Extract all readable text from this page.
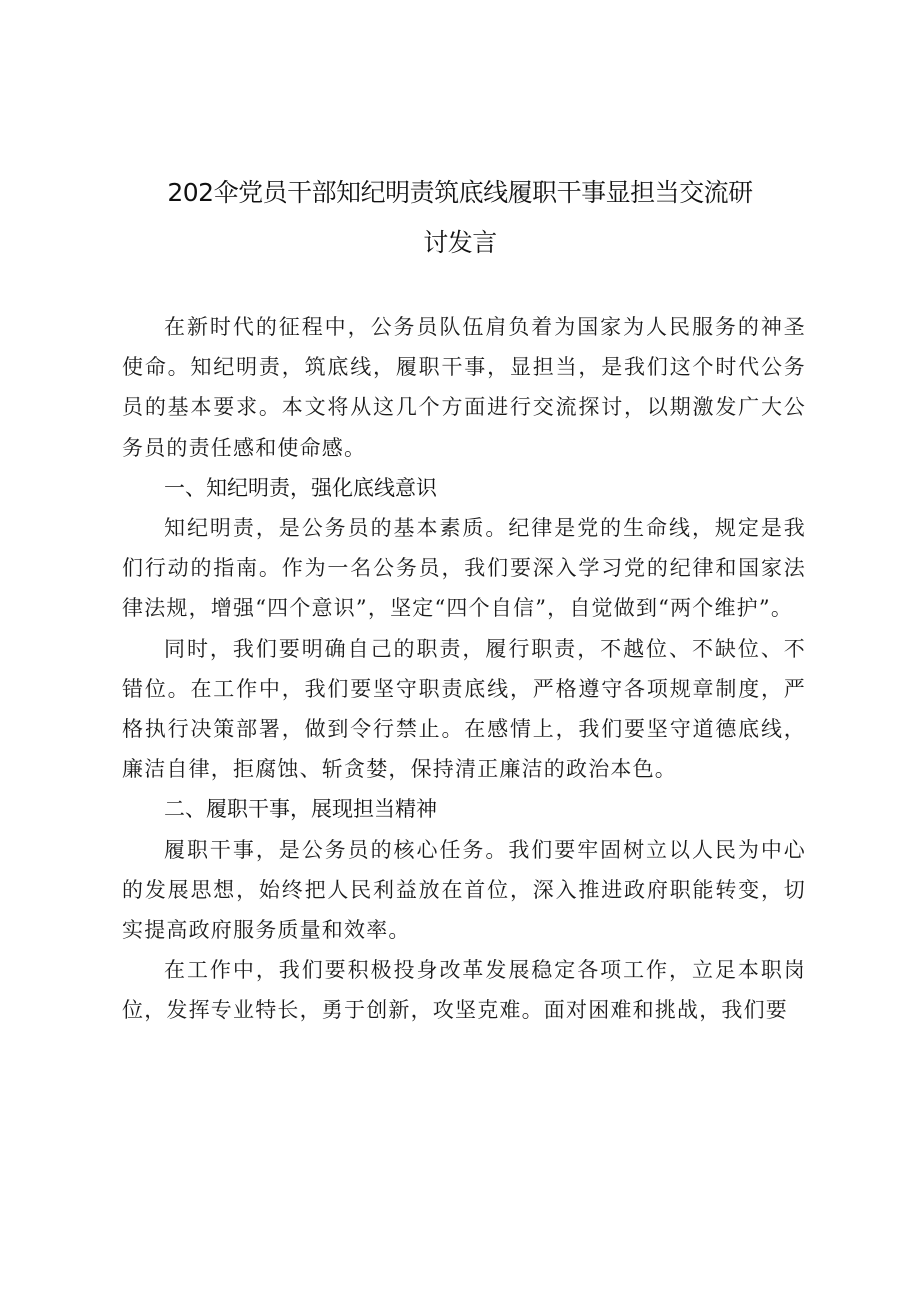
202伞党员干部知纪明责筑底线履职干事显担当交流研
讨发言

在新时代的征程中，公务员队伍肩负着为国家为人民服务的神圣使命。知纪明责，筑底线，履职干事，显担当，是我们这个时代公务员的基本要求。本文将从这几个方面进行交流探讨，以期激发广大公务员的责任感和使命感。

一、知纪明责，强化底线意识

知纪明责，是公务员的基本素质。纪律是党的生命线，规定是我们行动的指南。作为一名公务员，我们要深入学习党的纪律和国家法律法规，增强“四个意识”，坚定“四个自信”，自觉做到“两个维护”。

同时，我们要明确自己的职责，履行职责，不越位、不缺位、不错位。在工作中，我们要坚守职责底线，严格遵守各项规章制度，严格执行决策部署，做到令行禁止。在感情上，我们要坚守道德底线，廉洁自律，拒腐蚀、斩贪婪，保持清正廉洁的政治本色。

二、履职干事，展现担当精神

履职干事，是公务员的核心任务。我们要牢固树立以人民为中心的发展思想，始终把人民利益放在首位，深入推进政府职能转变，切实提高政府服务质量和效率。

在工作中，我们要积极投身改革发展稳定各项工作，立足本职岗位，发挥专业特长，勇于创新，攻坚克难。面对困难和挑战，我们要
